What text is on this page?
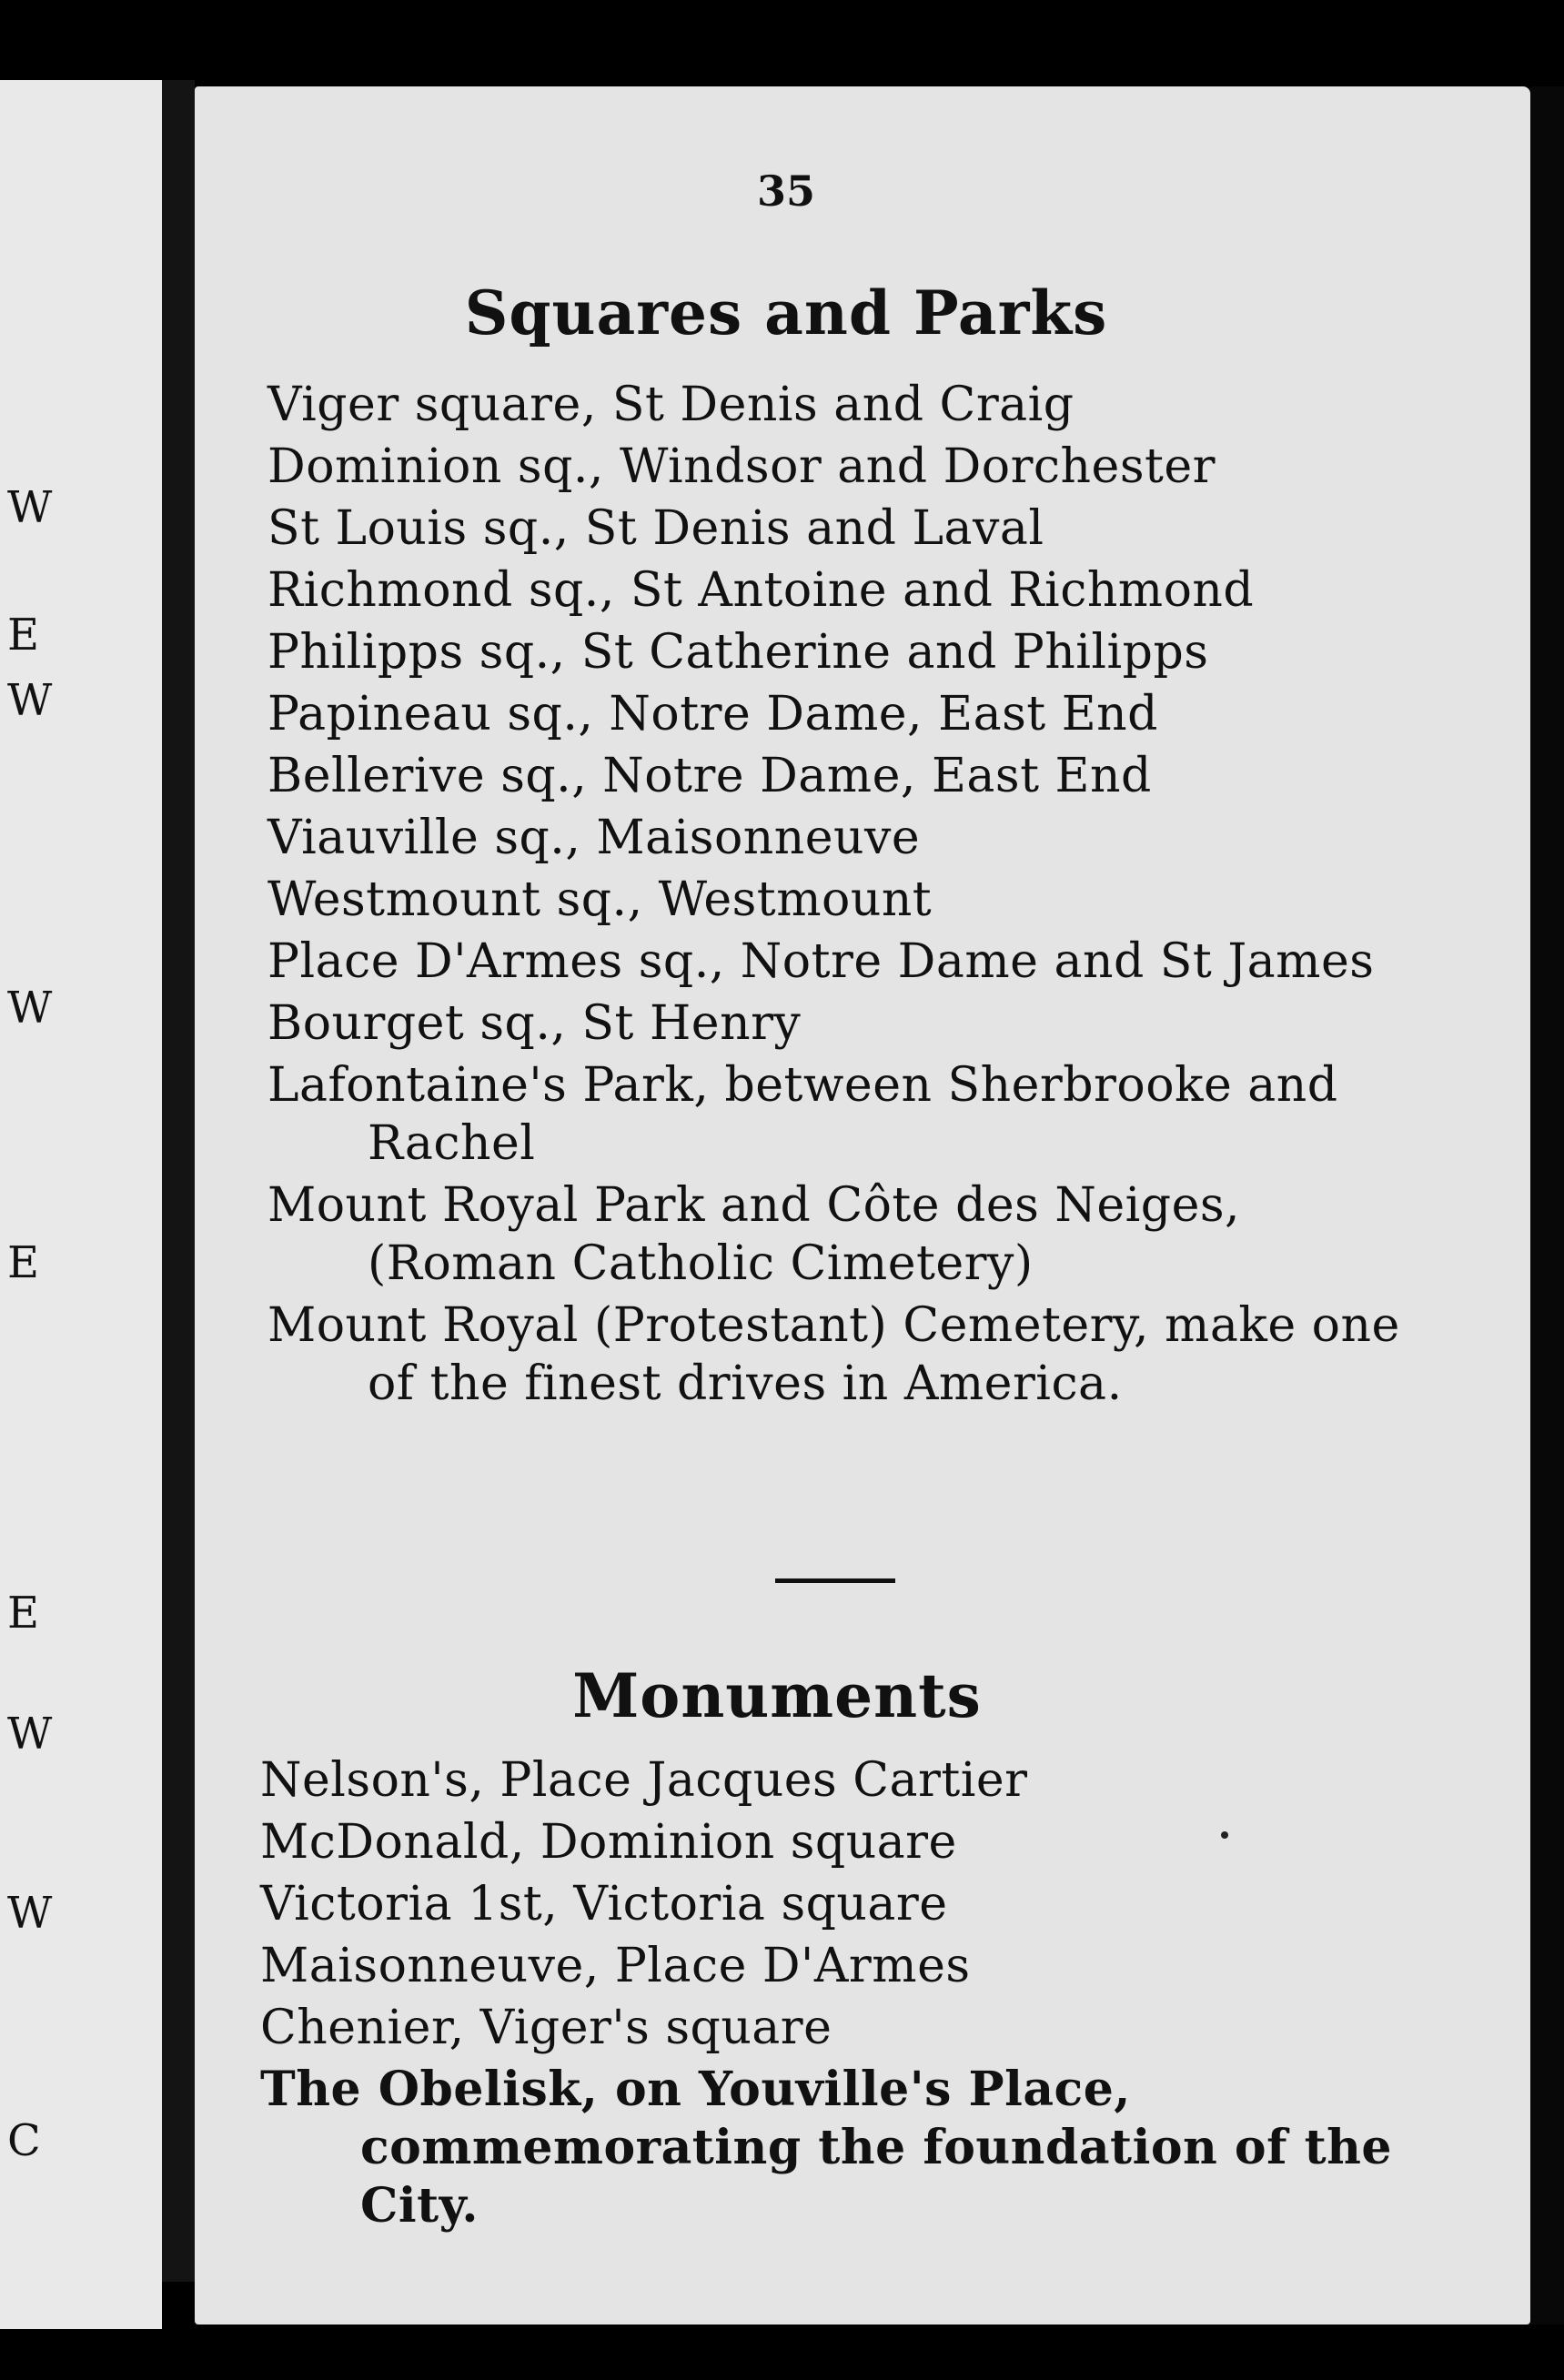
W
E
W
W
E
E
W
W
C
35
Squares and Parks
Viger square, St Denis and Craig
Dominion sq., Windsor and Dorchester
St Louis sq., St Denis and Laval
Richmond sq., St Antoine and Richmond
Philipps sq., St Catherine and Philipps
Papineau sq., Notre Dame, East End
Bellerive sq., Notre Dame, East End
Viauville sq., Maisonneuve
Westmount sq., Westmount
Place D'Armes sq., Notre Dame and St James
Bourget sq., St Henry
Lafontaine's Park, between Sherbrooke and Rachel
Mount Royal Park and Côte des Neiges, (Roman Catholic Cimetery)
Mount Royal (Protestant) Cemetery, make one of the finest drives in America.
Monuments
Nelson's, Place Jacques Cartier
McDonald, Dominion square
Victoria 1st, Victoria square
Maisonneuve, Place D'Armes
Chenier, Viger's square
The Obelisk, on Youville's Place, commemorating the foundation of the City.
